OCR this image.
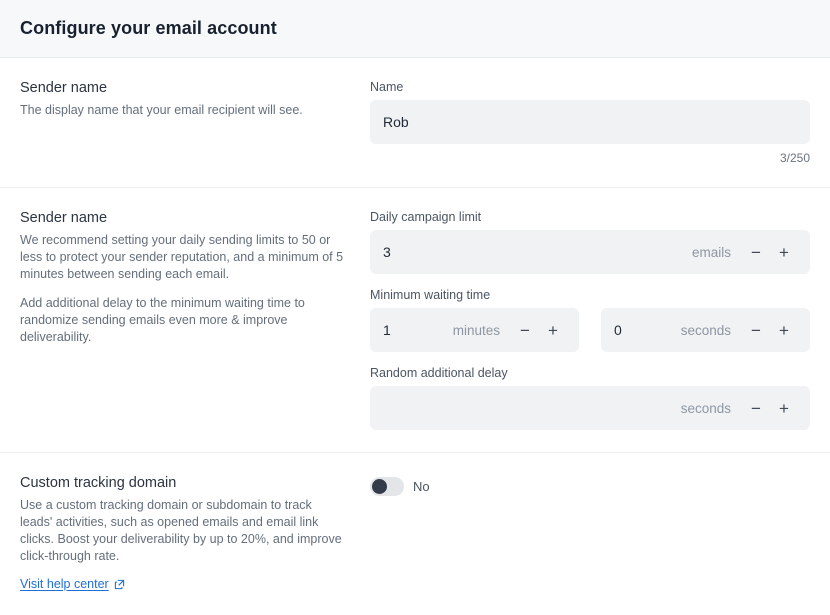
Configure your email account
Sender name
The display name that your email recipient will see.
Name
Rob
3/250
Sender name
We recommend setting your daily sending limits to 50 or less to protect your sender reputation, and a minimum of 5 minutes between sending each email.
Add additional delay to the minimum waiting time to randomize sending emails even more & improve deliverability.
Daily campaign limit
3
emails	−	+
Minimum waiting time
1
minutes	−	+
0	seconds	−	+
Random additional delay
seconds	−	+
Custom tracking domain
Use a custom tracking domain or subdomain to track leads' activities, such as opened emails and email link clicks. Boost your deliverability by up to 20%, and improve click-through rate.
Visit help center
No
